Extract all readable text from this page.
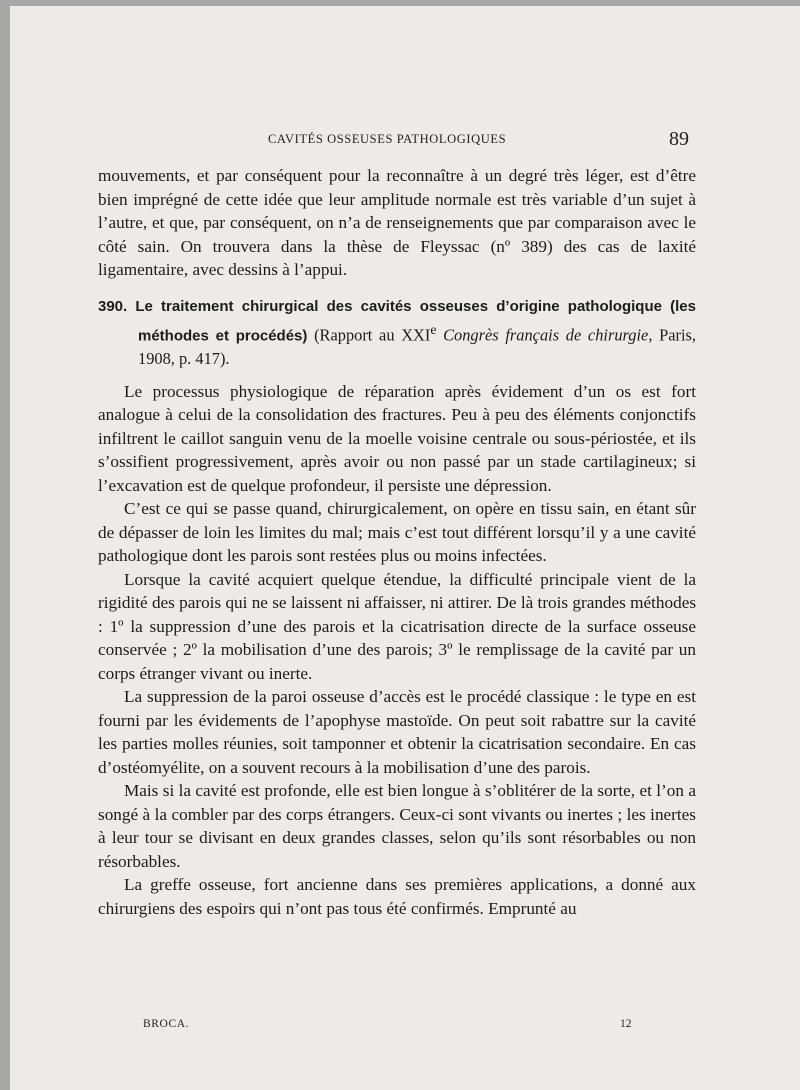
CAVITÉS OSSEUSES PATHOLOGIQUES	89

mouvements, et par conséquent pour la reconnaître à un degré très léger, est d’être bien imprégné de cette idée que leur amplitude normale est très variable d’un sujet à l’autre, et que, par conséquent, on n’a de renseignements que par comparaison avec le côté sain. On trouvera dans la thèse de Fleyssac (nº 389) des cas de laxité ligamentaire, avec dessins à l’appui.

390. Le traitement chirurgical des cavités osseuses d’origine pathologique (les méthodes et procédés) (Rapport au XXIe Congrès français de chirurgie, Paris, 1908, p. 417).

Le processus physiologique de réparation après évidement d’un os est fort analogue à celui de la consolidation des fractures. Peu à peu des éléments conjonctifs infiltrent le caillot sanguin venu de la moelle voisine centrale ou sous-périostée, et ils s’ossifient progressivement, après avoir ou non passé par un stade cartilagineux; si l’excavation est de quelque profondeur, il persiste une dépression.

C’est ce qui se passe quand, chirurgicalement, on opère en tissu sain, en étant sûr de dépasser de loin les limites du mal; mais c’est tout différent lorsqu’il y a une cavité pathologique dont les parois sont restées plus ou moins infectées.

Lorsque la cavité acquiert quelque étendue, la difficulté principale vient de la rigidité des parois qui ne se laissent ni affaisser, ni attirer. De là trois grandes méthodes : 1º la suppression d’une des parois et la cicatrisation directe de la surface osseuse conservée ; 2º la mobilisation d’une des parois; 3º le remplissage de la cavité par un corps étranger vivant ou inerte.

La suppression de la paroi osseuse d’accès est le procédé classique : le type en est fourni par les évidements de l’apophyse mastoïde. On peut soit rabattre sur la cavité les parties molles réunies, soit tamponner et obtenir la cicatrisation secondaire. En cas d’ostéomyélite, on a souvent recours à la mobilisation d’une des parois.

Mais si la cavité est profonde, elle est bien longue à s’oblitérer de la sorte, et l’on a songé à la combler par des corps étrangers. Ceux-ci sont vivants ou inertes ; les inertes à leur tour se divisant en deux grandes classes, selon qu’ils sont résorbables ou non résorbables.

La greffe osseuse, fort ancienne dans ses premières applications, a donné aux chirurgiens des espoirs qui n’ont pas tous été confirmés. Emprunté au

BROCA.	12
